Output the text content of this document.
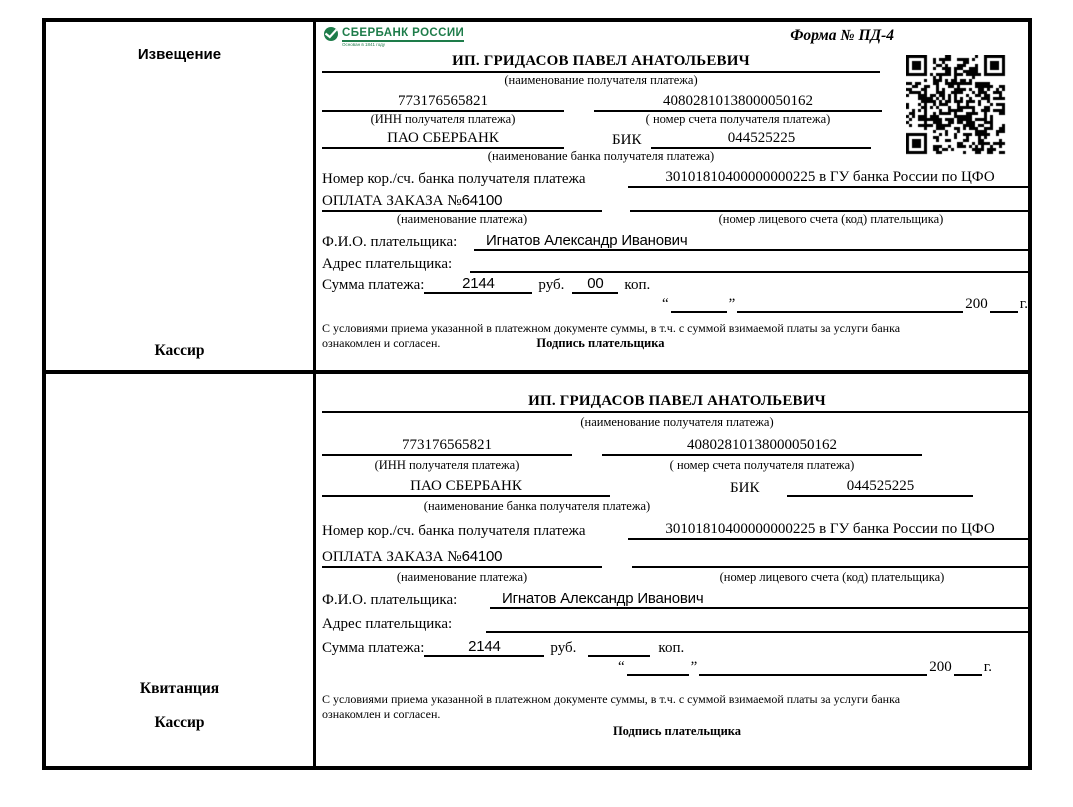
Извещение
Кассир
СБЕРБАНК РОССИИ
Основан в 1841 году
Форма № ПД-4
ИП. ГРИДАСОВ ПАВЕЛ АНАТОЛЬЕВИЧ
(наименование получателя платежа)
773176565821	40802810138000050162
(ИНН получателя платежа)	( номер счета получателя платежа)
ПАО СБЕРБАНК	БИК	044525225
(наименование банка получателя платежа)
Номер кор./сч. банка получателя платежа	30101810400000000225 в ГУ банка России по ЦФО
ОПЛАТА ЗАКАЗА №64100
(наименование платежа)	(номер лицевого счета (код) плательщика)
Ф.И.О. плательщика:	Игнатов Александр Иванович
Адрес плательщика:
Сумма платежа:	2144	руб.	00	коп.
“	”	200 г.
С условиями приема указанной в платежном документе суммы, в т.ч. с суммой взимаемой платы за услуги банка
ознакомлен и согласен.	Подпись плательщика
Квитанция
Кассир
ИП. ГРИДАСОВ ПАВЕЛ АНАТОЛЬЕВИЧ
(наименование получателя платежа)
773176565821	40802810138000050162
(ИНН получателя платежа)	( номер счета получателя платежа)
ПАО СБЕРБАНК	БИК	044525225
(наименование банка получателя платежа)
Номер кор./сч. банка получателя платежа	30101810400000000225 в ГУ банка России по ЦФО
ОПЛАТА ЗАКАЗА №64100
(наименование платежа)	(номер лицевого счета (код) плательщика)
Ф.И.О. плательщика:	Игнатов Александр Иванович
Адрес плательщика:
Сумма платежа:	2144	руб.	коп.
“	”	200 г.
С условиями приема указанной в платежном документе суммы, в т.ч. с суммой взимаемой платы за услуги банка
ознакомлен и согласен.
Подпись плательщика
